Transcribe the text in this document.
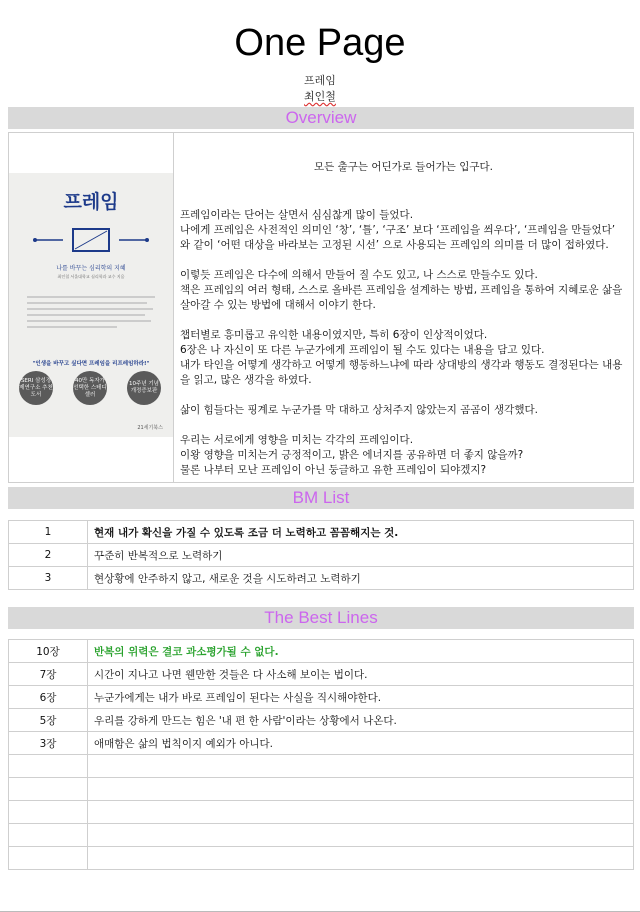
One Page
프레임
최인철
Overview
프레임
나를 바꾸는 심리학의 지혜
최인철 서울대학교 심리학과 교수 지음
"인생을 바꾸고 싶다면 프레임을 리프레임하라!"
SERI 삼성경제연구소 추천도서
40만 독자가 선택한 스테디셀러
10주년 기념 개정증보판
21세기북스

모든 출구는 어딘가로 들어가는 입구다.

프레임이라는 단어는 살면서 심심찮게 많이 들었다.

나에게 프레임은 사전적인 의미인 ‘창’, ‘틀’, ‘구조’ 보다 ‘프레임을 씌우다’, ‘프레임을 만들었다’ 와 같이 ‘어떤 대상을 바라보는 고정된 시선’ 으로 사용되는 프레임의 의미를 더 많이 접하였다.

이렇듯 프레임은 다수에 의해서 만들어 질 수도 있고, 나 스스로 만들수도 있다.

책은 프레임의 여러 형태, 스스로 올바른 프레임을 설계하는 방법, 프레임을 통하여 지혜로운 삶을 살아갈 수 있는 방법에 대해서 이야기 한다.

챕터별로 흥미롭고 유익한 내용이였지만, 특히 6장이 인상적이었다.

6장은 나 자신이 또 다른 누군가에게 프레임이 될 수도 있다는 내용을 담고 있다.

내가 타인을 어떻게 생각하고 어떻게 행동하느냐에 따라 상대방의 생각과 행동도 결정된다는 내용을 읽고, 많은 생각을 하였다.

삶이 힘들다는 핑계로 누군가를 막 대하고 상처주지 않았는지 곰곰이 생각했다.

우리는 서로에게 영향을 미치는 각각의 프레임이다.

이왕 영향을 미치는거 긍정적이고, 밝은 에너지를 공유하면 더 좋지 않을까?

물론 나부터 모난 프레임이 아닌 둥글하고 유한 프레임이 되야겠지?

BM List
1	현재 내가 확신을 가질 수 있도록 조금 더 노력하고 꼼꼼해지는 것.
2	꾸준히 반복적으로 노력하기
3	현상황에 안주하지 않고, 새로운 것을 시도하려고 노력하기
The Best Lines
10장	반복의 위력은 결코 과소평가될 수 없다.
7장	시간이 지나고 나면 웬만한 것들은 다 사소해 보이는 법이다.
6장	누군가에게는 내가 바로 프레임이 된다는 사실을 직시해야한다.
5장	우리를 강하게 만드는 힘은 '내 편 한 사람'이라는 상황에서 나온다.
3장	애매함은 삶의 법칙이지 예외가 아니다.
